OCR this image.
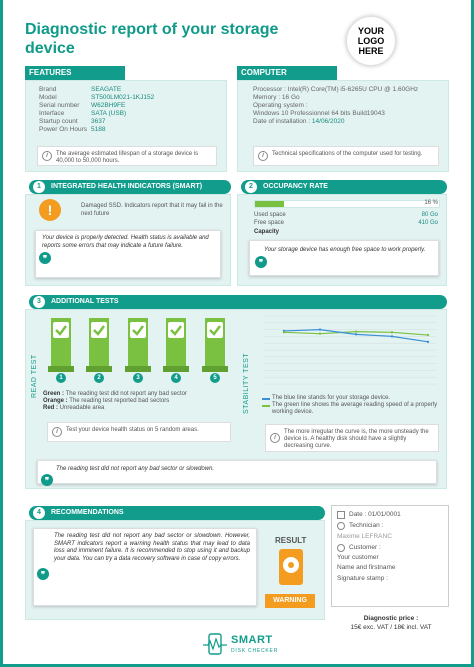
Diagnostic report of your storage device
YOUR LOGO HERE
FEATURES
Brand	SEAGATE
Model	ST500LM021-1KJ152
Serial number W62BH9FE
Interface	SATA (USB)
Startup count 3637
Power On Hours 5188
i	The average estimated lifespan of a storage device is 40,000 to 50,000 hours.
COMPUTER
Processor : Intel(R) Core(TM) i5-6265U CPU @ 1.60GHz
Memory : 16 Go
Operating system :
Windows 10 Professionnel 64 bits Build19043
Date of installation : 14/06/2020
i	Technical specifications of the computer used for testing.
1	INTEGRATED HEALTH INDICATORS (SMART)
!	Damaged SSD. Indicators report that it may fail in the next future
Your device is properly detected. Health status is available and reports some errors that may indicate a future failure.
❞
2	OCCUPANCY RATE
16 %
Used space	80 Go
Free space	410 Go
Capacity
Your storage device has enough free space to work properly.
❞
3	ADDITIONAL TESTS
READ TEST	1	2	3	4	5
Green : The reading test did not report any bad sector
Orange : The reading test reported bad sectors
Red : Unreadable area
i	Test your device health status on 5 random areas.
STABILITY TEST	The blue line stands for your storage device.
The green line shows the average reading speed of a properly working device.
i
The more irregular the curve is, the more unsteady the device is. A healthy disk should have a slightly decreasing curve.
The reading test did not report any bad sector or slowdown.
❞
4	RECOMMENDATIONS
The reading test did not report any bad sector or slowdown. However, SMART indicators report a warning health status that may lead to data loss and imminent failure. It is recommended to stop using it and backup your data. You can try a data recovery software in case of copy errors.
❞
RESULT
WARNING
Date : 01/01/0001
Technician :
Maxime LEFRANC
Customer :
Your customer
Name and firstname
Signature stamp :
Diagnostic price :
15€ exc. VAT / 18€ incl. VAT
SMART
DISK CHECKER
